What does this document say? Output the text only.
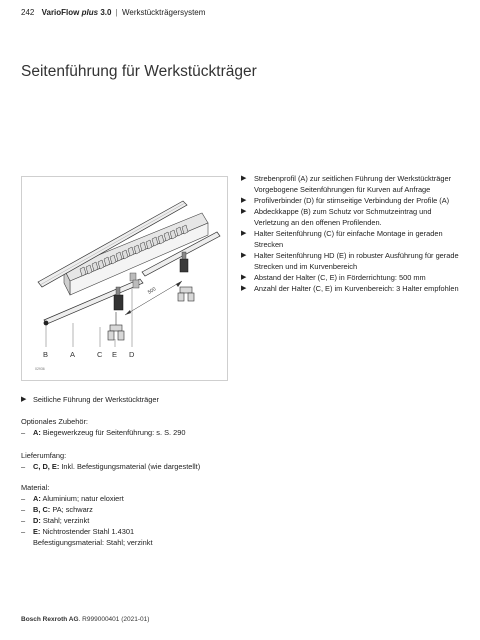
242 VarioFlow plus 3.0 | Werkstückträgersystem
Seitenführung für Werkstückträger
500
B	A	C E D
02936
▶ Strebenprofil (A) zur seitlichen Führung der Werkstückträger
Vorgebogene Seitenführungen für Kurven auf Anfrage
▶ Profilverbinder (D) für stirnseitige Verbindung der Profile (A)
▶ Abdeckkappe (B) zum Schutz vor Schmutzeintrag und Verletzung an den offenen Profilenden.
▶ Halter Seitenführung (C) für einfache Montage in geraden Strecken
▶ Halter Seitenführung HD (E) in robuster Ausführung für gerade Strecken und im Kurvenbereich
▶ Abstand der Halter (C, E) in Förderrichtung: 500 mm
▶ Anzahl der Halter (C, E) im Kurvenbereich: 3 Halter empfohlen
▶ Seitliche Führung der Werkstückträger
Optionales Zubehör:
– A: Biegewerkzeug für Seitenführung: s. S. 290
Lieferumfang:
– C, D, E: Inkl. Befestigungsmaterial (wie dargestellt)
Material:
– A: Aluminium; natur eloxiert
– B, C: PA; schwarz
– D: Stahl; verzinkt
– E: Nichtrostender Stahl 1.4301
Befestigungsmaterial: Stahl; verzinkt
Bosch Rexroth AG. R999000401 (2021-01)
